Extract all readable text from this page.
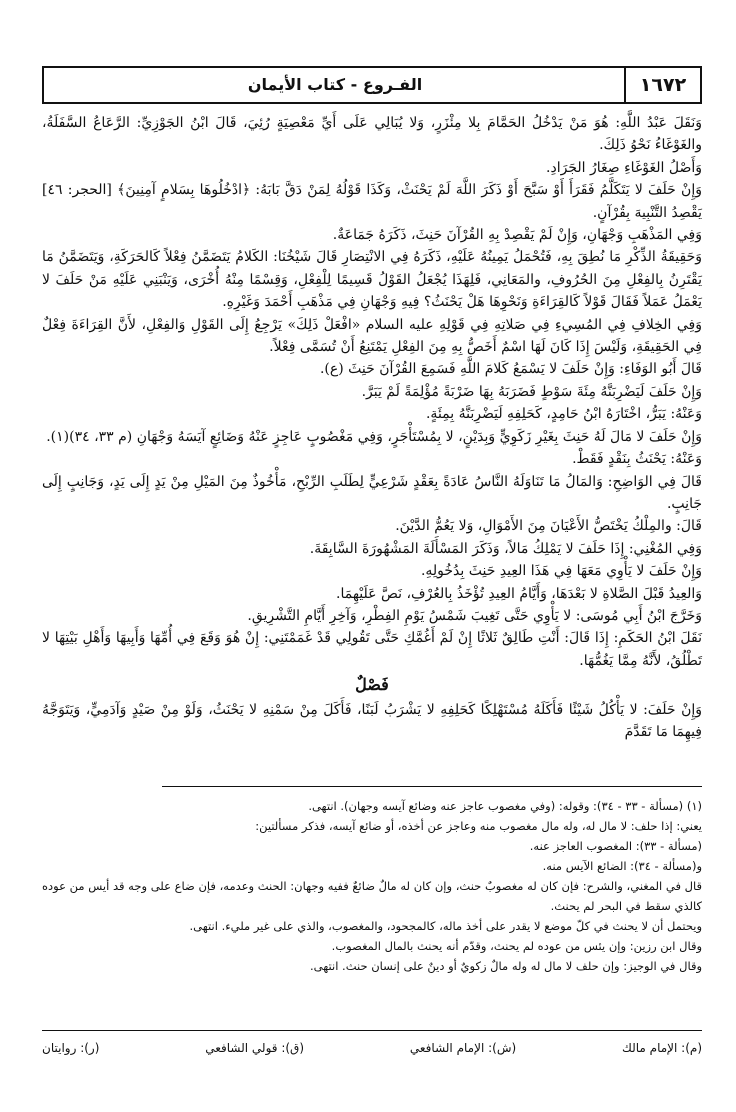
١٦٧٢
الفـروع - كتاب الأيمان

وَنَقَلَ عَبْدُ اللَّهِ: هُوَ مَنْ يَدْخُلُ الحَمَّامَ بِلا مِئْزَرٍ، وَلا يُبَالِي عَلَى أَيِّ مَعْصِيَةٍ رُئِيَ، قَالَ ابْنُ الجَوْزِيِّ: الرَّعَاعُ السَّفَلَةُ، والغَوْغَاءُ نَحْوُ ذَلِكَ.

وَأَصْلُ الغَوْغَاءِ صِغَارُ الجَرَادِ.

وَإِنْ حَلَفَ لا يَتَكَلَّمُ فَقَرَأَ أَوْ سَبَّحَ أَوْ ذَكَرَ اللَّهَ لَمْ يَحْنَثْ، وَكَذَا قَوْلُهُ لِمَنْ دَقَّ بَابَهُ: ﴿ادْخُلُوهَا بِسَلامٍ آمِنِينَ﴾ [الحجر: ٤٦] يَقْصِدُ التَّنْبِيهَ بِقُرْآنٍ.

وَفِي المَذْهَبِ وَجْهَانِ، وَإِنْ لَمْ يَقْصِدْ بِهِ القُرْآنَ حَنِثَ، ذَكَرَهُ جَمَاعَةٌ.

وَحَقِيقَةُ الذِّكْرِ مَا نُطِقَ بِهِ، فَتُحْمَلُ يَمِينُهُ عَلَيْهِ، ذَكَرَهُ فِي الانْتِصَارِ قَالَ شَيْخُنَا: الكَلامُ يَتَضَمَّنُ فِعْلاً كَالحَرَكَةِ، وَيَتَضَمَّنُ مَا يَقْتَرِنُ بِالفِعْلِ مِنَ الحُرُوفِ، والمَعَانِي، فَلِهَذَا يُجْعَلُ القَوْلُ قَسِيمًا لِلْفِعْلِ، وَقِسْمًا مِنْهُ أُخْرَى، وَيَنْبَنِي عَلَيْهِ مَنْ حَلَفَ لا يَعْمَلُ عَمَلاً فَقَالَ قَوْلاً كَالقِرَاءَةِ وَنَحْوِهَا هَلْ يَحْنَثُ؟ فِيهِ وَجْهَانِ فِي مَذْهَبِ أَحْمَدَ وَغَيْرِهِ.

وَفِي الخِلافِ فِي المُسِيءِ فِي صَلاتِهِ فِي قَوْلِهِ عليه السلام «افْعَلْ ذَلِكَ» يَرْجِعُ إِلَى القَوْلِ وَالفِعْلِ، لأَنَّ القِرَاءَةَ فِعْلٌ فِي الحَقِيقَةِ، وَلَيْسَ إِذَا كَانَ لَهَا اسْمٌ أَخَصُّ بِهِ مِنَ الفِعْلِ يَمْتَنِعُ أَنْ تُسَمَّى فِعْلاً.

قَالَ أَبُو الوَفَاءِ: وَإِنْ حَلَفَ لا يَسْمَعُ كَلامَ اللَّهِ فَسَمِعَ القُرْآنَ حَنِثَ (ع).

وَإِنْ حَلَفَ لَيَضْرِبَنَّهُ مِئَةَ سَوْطٍ فَضَرَبَهُ بِهَا ضَرْبَةً مُؤْلِمَةً لَمْ يَبَرَّ.

وَعَنْهُ: يَبَرُّ، اخْتَارَهُ ابْنُ حَامِدٍ، كَحَلِفِهِ لَيَضْرِبَنَّهُ بِمِئَةٍ.

وَإِنْ حَلَفَ لا مَالَ لَهُ حَنِثَ بِغَيْرِ زَكَوِيٍّ وَبِدَيْنٍ، لا بِمُسْتَأْجَرٍ، وَفِي مَغْصُوبٍ عَاجِزٍ عَنْهُ وَضَائِعٍ آيَسَهُ وَجْهَانِ (م ٣٣، ٣٤)(١).

وَعَنْهُ: يَحْنَثُ بِنَقْدٍ فَقَطْ.

قَالَ فِي الوَاضِحِ: وَالمَالُ مَا تَنَاوَلَهُ النَّاسُ عَادَةً بِعَقْدٍ شَرْعِيٍّ لِطَلَبِ الرِّبْحِ، مَأْخُوذٌ مِنَ المَيْلِ مِنْ يَدٍ إِلَى يَدٍ، وَجَانِبٍ إِلَى جَانِبٍ.

قَالَ: والمِلْكُ يَخْتَصُّ الأَعْيَانَ مِنَ الأَمْوَالِ، وَلا يَعُمُّ الدَّيْنَ.

وَفِي المُغْنِي: إِذَا حَلَفَ لا يَمْلِكُ مَالاً، وَذَكَرَ المَسْأَلَةَ المَشْهُورَةَ السَّابِقَةَ.

وَإِنْ حَلَفَ لا يَأْوِي مَعَهَا فِي هَذَا العِيدِ حَنِثَ بِدُخُولِهِ.

وَالعِيدُ قَبْلَ الصَّلاةِ لا بَعْدَهَا، وَأَيَّامُ العِيدِ تُؤْخَذُ بِالعُرْفِ، نَصَّ عَلَيْهِمَا.

وَخَرَّجَ ابْنُ أَبِي مُوسَى: لا يَأْوِي حَتَّى تَغِيبَ شَمْسُ يَوْمِ الفِطْرِ، وَآخِرِ أَيَّامِ التَّشْرِيقِ.

نَقَلَ ابْنُ الحَكَمِ: إِذَا قَالَ: أَنْتِ طَالِقٌ ثَلاثًا إِنْ لَمْ أَغُمَّكِ حَتَّى تَقُولِي قَدْ غَمَمْتَنِي: إِنْ هُوَ وَقَعَ فِي أُمِّهَا وَأَبِيهَا وَأَهْلِ بَيْتِهَا لا تَطْلُقُ، لأَنَّهُ مِمَّا يَغُمُّهَا.

فَصْلٌ

وَإِنْ حَلَفَ: لا يَأْكُلُ شَيْئًا فَأَكَلَهُ مُسْتَهْلِكًا كَحَلِفِهِ لا يَشْرَبُ لَبَنًا، فَأَكَلَ مِنْ سَمْنِهِ لا يَحْنَثُ، وَلَوْ مِنْ صَيْدٍ وَآدَمِيٍّ، وَيَتَوَجَّهُ فِيهِمَا مَا تَقَدَّمَ

(١) (مسألة - ٣٣ - ٣٤): وقوله: (وفي مغصوب عاجز عنه وضائع آيسه وجهان). انتهى.

يعني: إذا حلف: لا مال له، وله مال مغصوب منه وعاجز عن أخذه، أو ضائع آيسه، فذكر مسألتين:

(مسألة - ٣٣): المغصوب العاجز عنه.

و(مسألة - ٣٤): الضائع الآيس منه.

قال في المغني، والشرح: فإن كان له مغصوبٌ حنث، وإن كان له مالٌ ضائعٌ ففيه وجهان: الحنث وعدمه، فإن ضاع على وجه قد أيس من عوده كالذي سقط في البحر لم يحنث.

ويحتمل أن لا يحنث في كلّ موضع لا يقدر على أخذ ماله، كالمجحود، والمغصوب، والذي على غير مليء. انتهى.

وقال ابن رزين: وإن يئس من عوده لم يحنث، وقدّم أنه يحنث بالمال المغصوب.

وقال في الوجيز: وإن حلف لا مال له وله مالٌ زكويٌ أو دينٌ على إنسان حنث. انتهى.

(م): الإمام مالك
(ش): الإمام الشافعي
(ق): قولي الشافعي
(ر): روايتان
